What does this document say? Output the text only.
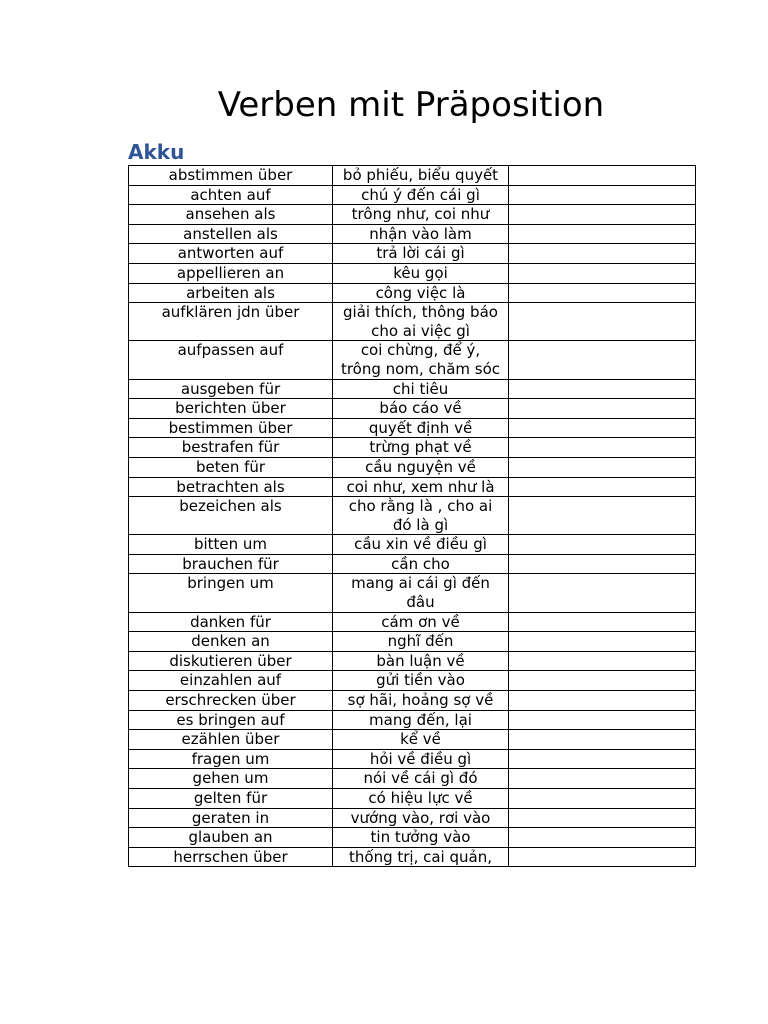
Verben mit Präposition
Akku
abstimmen über	bỏ phiếu, biểu quyết	
achten auf	chú ý đến cái gì	
ansehen als	trông như, coi như	
anstellen als	nhận vào làm	
antworten auf	trả lời cái gì	
appellieren an	kêu gọi	
arbeiten als	công việc là	
aufklären jdn über	giải thích, thông báo cho ai việc gì	
aufpassen auf	coi chừng, để ý, trông nom, chăm sóc	
ausgeben für	chi tiêu	
berichten über	báo cáo về	
bestimmen über	quyết định về	
bestrafen für	trừng phạt về	
beten für	cầu nguyện về	
betrachten als	coi như, xem như là	
bezeichen als	cho rằng là , cho ai đó là gì	
bitten um	cầu xin về điều gì	
brauchen für	cần cho	
bringen um	mang ai cái gì đến đâu	
danken für	cám ơn về	
denken an	nghĩ đến	
diskutieren über	bàn luận về	
einzahlen auf	gửi tiền vào	
erschrecken über	sợ hãi, hoảng sợ về	
es bringen auf	mang đến, lại	
ezählen über	kể về	
fragen um	hỏi về điều gì	
gehen um	nói về cái gì đó	
gelten für	có hiệu lực về	
geraten in	vướng vào, rơi vào	
glauben an	tin tưởng vào	
herrschen über	thống trị, cai quản,	
